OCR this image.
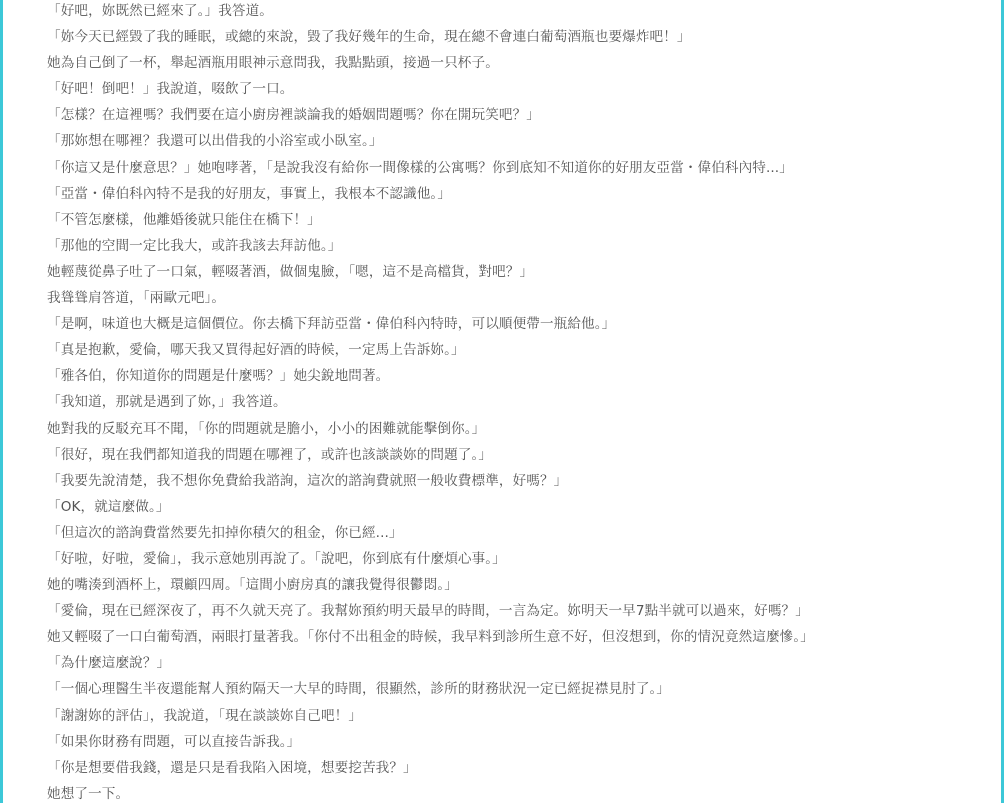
「好吧，妳既然已經來了。」我答道。

「妳今天已經毀了我的睡眠，或總的來說，毀了我好幾年的生命，現在總不會連白葡萄酒瓶也要爆炸吧！」

她為自己倒了一杯，舉起酒瓶用眼神示意問我，我點點頭，接過一只杯子。

「好吧！倒吧！」我說道，啜飲了一口。

「怎樣？在這裡嗎？我們要在這小廚房裡談論我的婚姻問題嗎？你在開玩笑吧？」

「那妳想在哪裡？我還可以出借我的小浴室或小臥室。」

「你這又是什麼意思？」她咆哮著，「是說我沒有給你一間像樣的公寓嗎？你到底知不知道你的好朋友亞當・偉伯科內特...」

「亞當・偉伯科內特不是我的好朋友，事實上，我根本不認識他。」

「不管怎麼樣，他離婚後就只能住在橋下！」

「那他的空間一定比我大，或許我該去拜訪他。」

她輕蔑從鼻子吐了一口氣，輕啜著酒，做個鬼臉，「嗯，這不是高檔貨，對吧？」

我聳聳肩答道，「兩歐元吧」。

「是啊，味道也大概是這個價位。你去橋下拜訪亞當・偉伯科內特時，可以順便帶一瓶給他。」

「真是抱歉，愛倫，哪天我又買得起好酒的時候，一定馬上告訴妳。」

「雅各伯，你知道你的問題是什麼嗎？」她尖銳地問著。

「我知道，那就是遇到了妳，」我答道。

她對我的反駁充耳不聞，「你的問題就是膽小，小小的困難就能擊倒你。」

「很好，現在我們都知道我的問題在哪裡了，或許也該談談妳的問題了。」

「我要先說清楚，我不想你免費給我諮詢，這次的諮詢費就照一般收費標準，好嗎？」

「OK，就這麼做。」

「但這次的諮詢費當然要先扣掉你積欠的租金，你已經...」

「好啦，好啦，愛倫」，我示意她別再說了。「說吧，你到底有什麼煩心事。」

她的嘴湊到酒杯上，環顧四周。「這間小廚房真的讓我覺得很鬱悶。」

「愛倫，現在已經深夜了，再不久就天亮了。我幫妳預約明天最早的時間，一言為定。妳明天一早7點半就可以過來，好嗎？」

她又輕啜了一口白葡萄酒，兩眼打量著我。「你付不出租金的時候，我早料到診所生意不好，但沒想到，你的情況竟然這麼慘。」

「為什麼這麼說？」

「一個心理醫生半夜還能幫人預約隔天一大早的時間，很顯然，診所的財務狀況一定已經捉襟見肘了。」

「謝謝妳的評估」，我說道，「現在談談妳自己吧！」

「如果你財務有問題，可以直接告訴我。」

「你是想要借我錢，還是只是看我陷入困境，想要挖苦我？」

她想了一下。
